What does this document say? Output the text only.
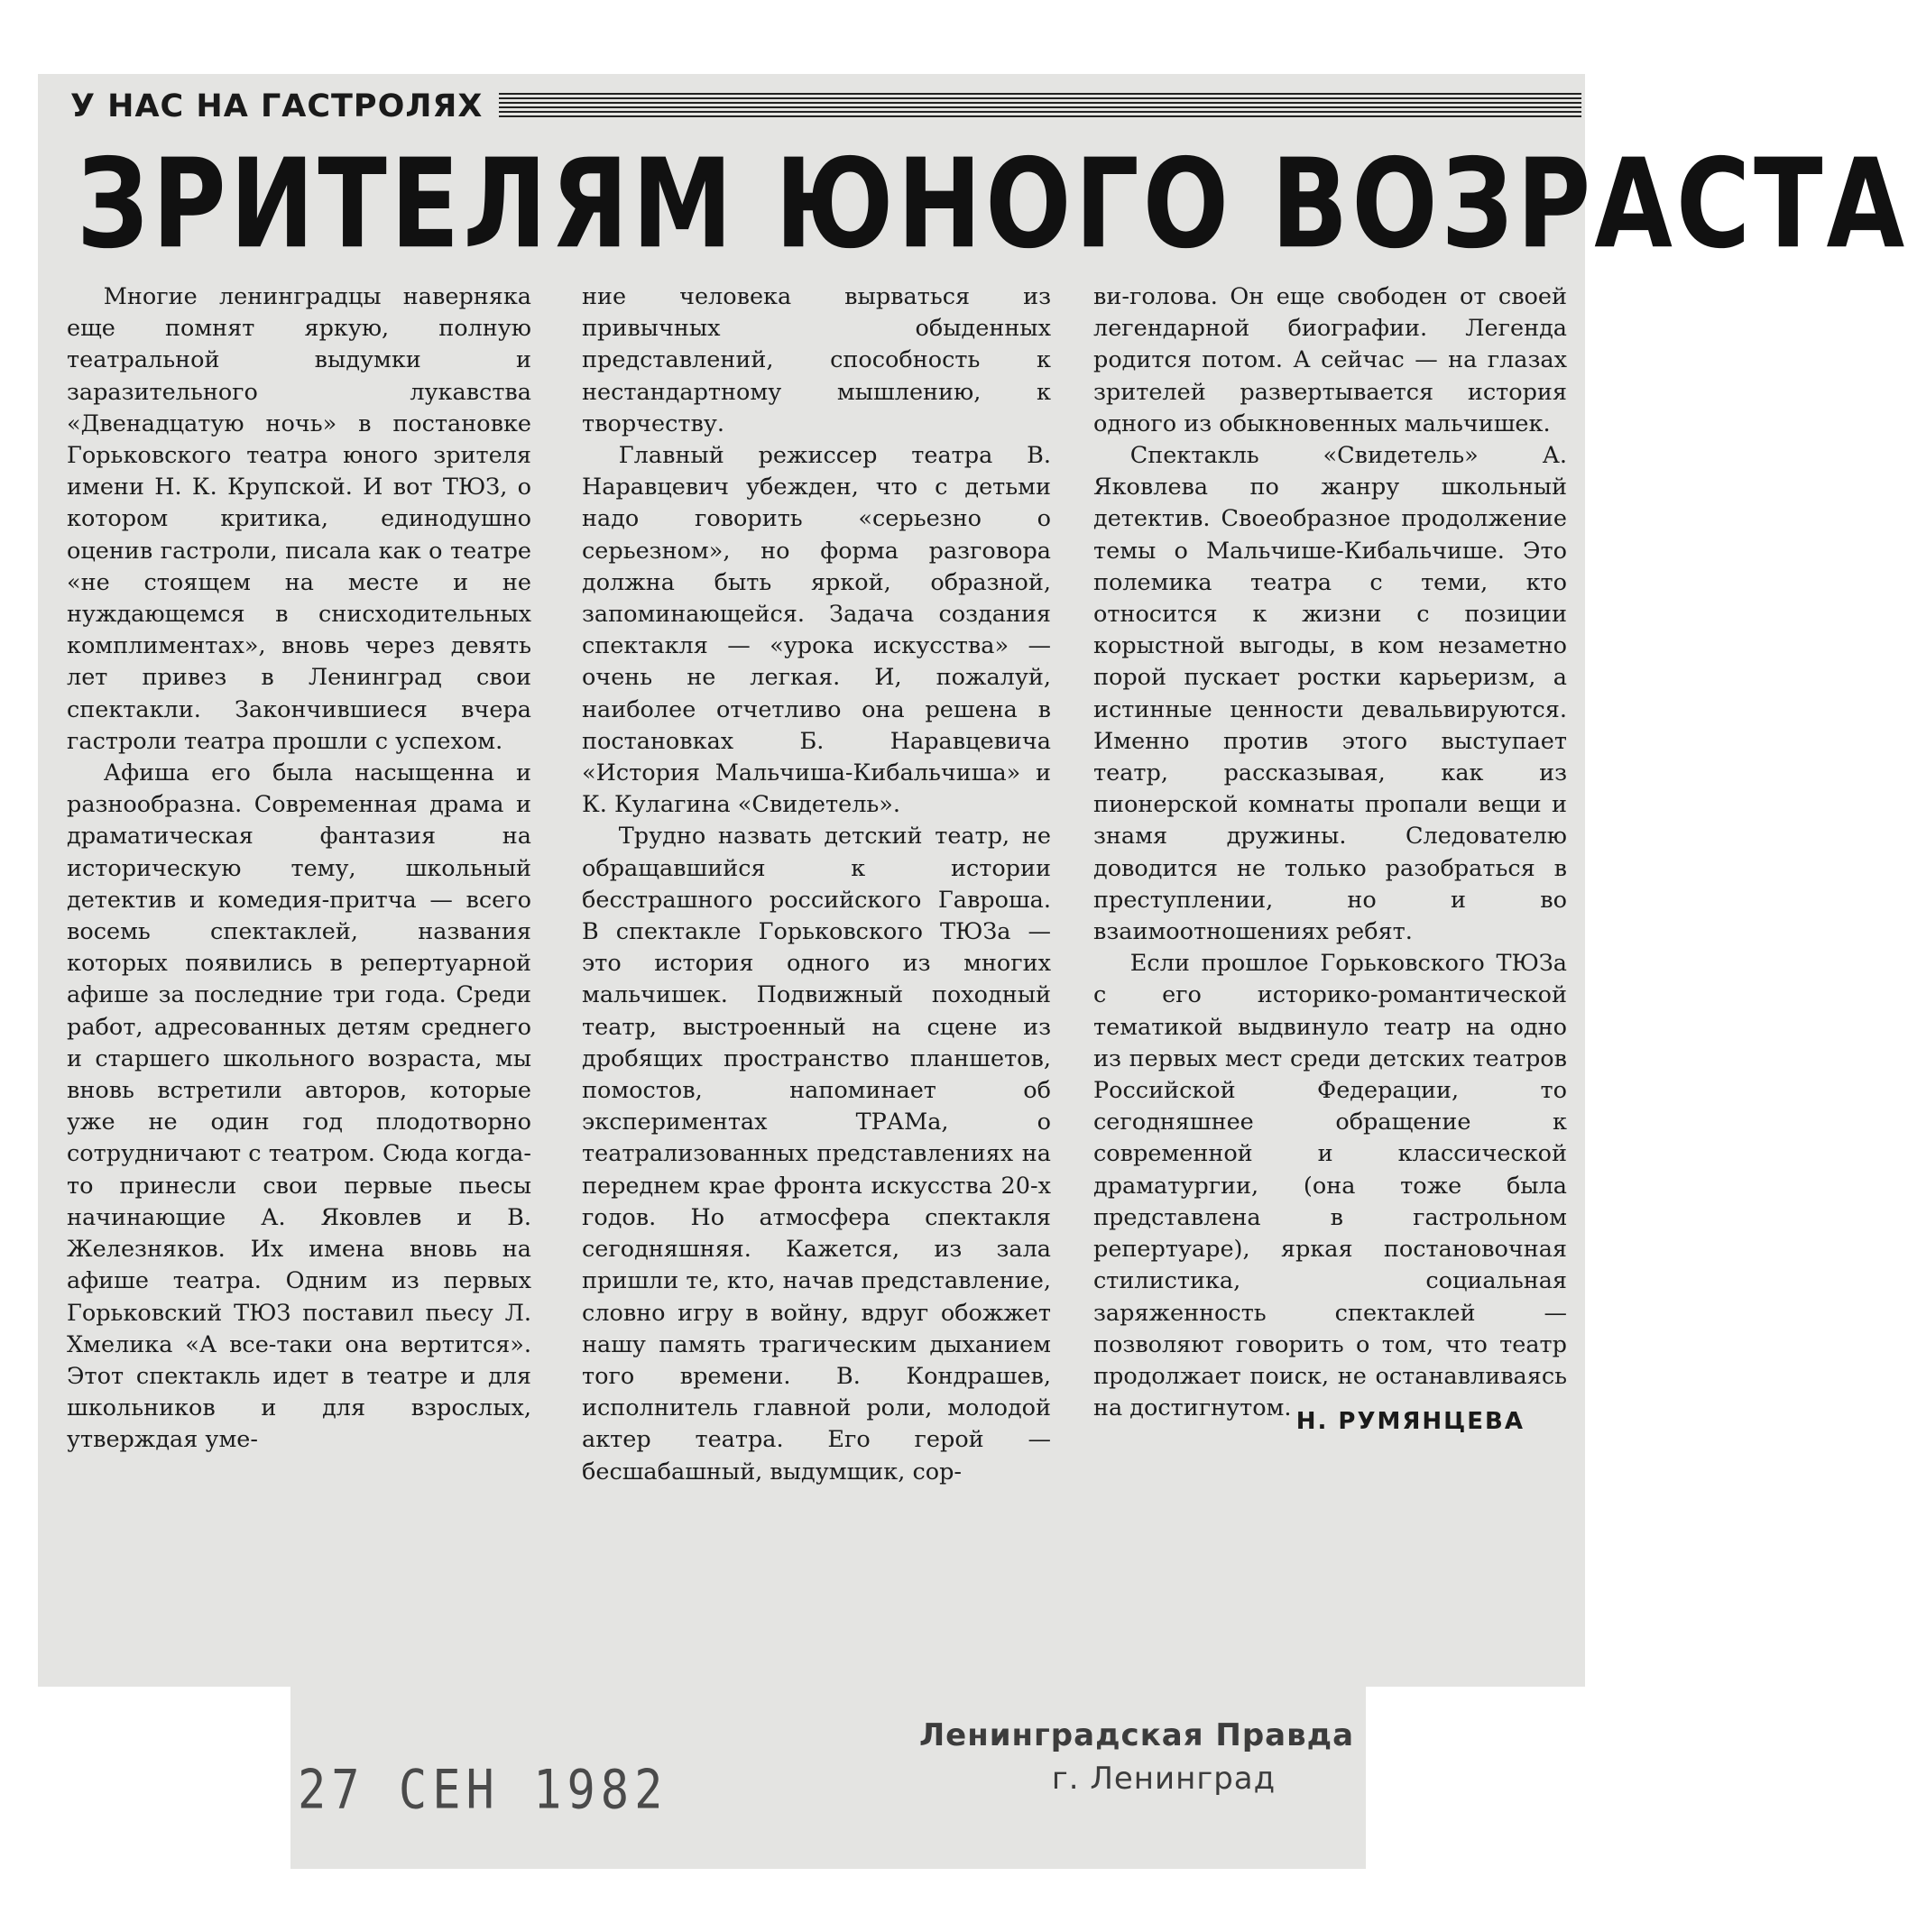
У НАС НА ГАСТРОЛЯХ
ЗРИТЕЛЯМ ЮНОГО ВОЗРАСТА

Многие ленинградцы наверняка еще помнят яркую, полную театральной выдумки и заразительного лукавства «Двенадцатую ночь» в постановке Горьковского театра юного зрителя имени Н. К. Крупской. И вот ТЮЗ, о котором критика, единодушно оценив гастроли, писала как о театре «не стоящем на месте и не нуждающемся в снисходительных комплиментах», вновь через девять лет привез в Ленинград свои спектакли. Закончившиеся вчера гастроли театра прошли с успехом.

Афиша его была насыщенна и разнообразна. Современная драма и драматическая фантазия на историческую тему, школьный детектив и комедия-притча — всего восемь спектаклей, названия которых появились в репертуарной афише за последние три года. Среди работ, адресованных детям среднего и старшего школьного возраста, мы вновь встретили авторов, которые уже не один год плодотворно сотрудничают с театром. Сюда когда-то принесли свои первые пьесы начинающие А. Яковлев и В. Железняков. Их имена вновь на афише театра. Одним из первых Горьковский ТЮЗ поставил пьесу Л. Хмелика «А все-таки она вертится». Этот спектакль идет в театре и для школьников и для взрослых, утверждая уме-

ние человека вырваться из привычных обыденных представлений, способность к нестандартному мышлению, к творчеству.

Главный режиссер театра В. Наравцевич убежден, что с детьми надо говорить «серьезно о серьезном», но форма разговора должна быть яркой, образной, запоминающейся. Задача создания спектакля — «урока искусства» — очень не легкая. И, пожалуй, наиболее отчетливо она решена в постановках Б. Наравцевича «История Мальчиша-Кибальчиша» и К. Кулагина «Свидетель».

Трудно назвать детский театр, не обращавшийся к истории бесстрашного российского Гавроша. В спектакле Горьковского ТЮЗа — это история одного из многих мальчишек. Подвижный походный театр, выстроенный на сцене из дробящих пространство планшетов, помостов, напоминает об экспериментах ТРАМа, о театрализованных представлениях на переднем крае фронта искусства 20-х годов. Но атмосфера спектакля сегодняшняя. Кажется, из зала пришли те, кто, начав представление, словно игру в войну, вдруг обожжет нашу память трагическим дыханием того времени. В. Кондрашев, исполнитель главной роли, молодой актер театра. Его герой — бесшабашный, выдумщик, сор-

ви-голова. Он еще свободен от своей легендарной биографии. Легенда родится потом. А сейчас — на глазах зрителей развертывается история одного из обыкновенных мальчишек.

Спектакль «Свидетель» А. Яковлева по жанру школьный детектив. Своеобразное продолжение темы о Мальчише-Кибальчише. Это полемика театра с теми, кто относится к жизни с позиции корыстной выгоды, в ком незаметно порой пускает ростки карьеризм, а истинные ценности девальвируются. Именно против этого выступает театр, рассказывая, как из пионерской комнаты пропали вещи и знамя дружины. Следователю доводится не только разобраться в преступлении, но и во взаимоотношениях ребят.

Если прошлое Горьковского ТЮЗа с его историко-романтической тематикой выдвинуло театр на одно из первых мест среди детских театров Российской Федерации, то сегодняшнее обращение к современной и классической драматургии, (она тоже была представлена в гастрольном репертуаре), яркая постановочная стилистика, социальная заряженность спектаклей — позволяют говорить о том, что театр продолжает поиск, не останавливаясь на достигнутом. Н. РУМЯНЦЕВА
Ленинградская Правда
г. Ленинград
27 СЕН 1982
